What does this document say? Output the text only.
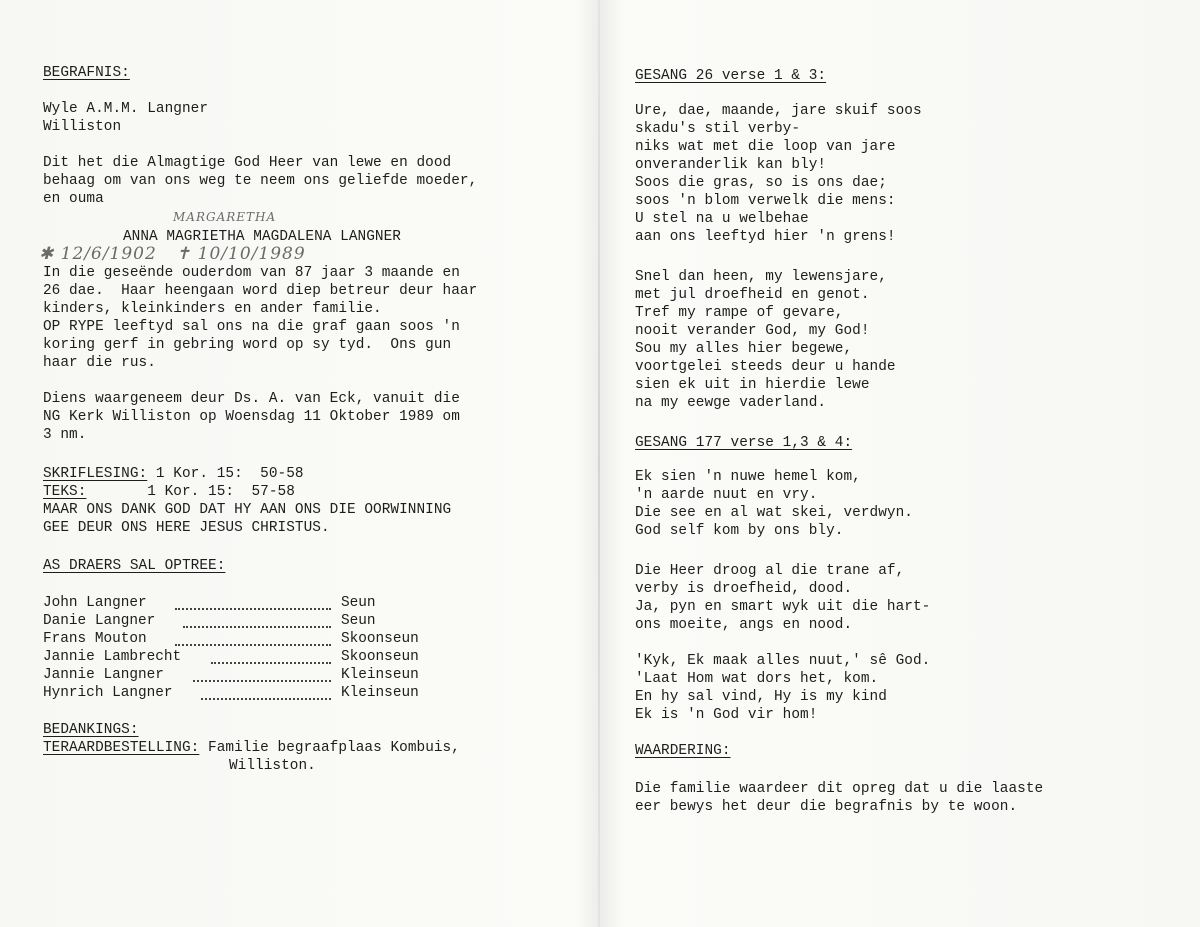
BEGRAFNIS:
Wyle A.M.M. Langner
Williston
Dit het die Almagtige God Heer van lewe en dood
behaag om van ons weg te neem ons geliefde moeder,
en ouma
MARGARETHA
ANNA MAGRIETHA MAGDALENA LANGNER
✱ 12/6/1902   ✝ 10/10/1989
In die geseënde ouderdom van 87 jaar 3 maande en
26 dae.  Haar heengaan word diep betreur deur haar
kinders, kleinkinders en ander familie.
OP RYPE leeftyd sal ons na die graf gaan soos 'n
koring gerf in gebring word op sy tyd.  Ons gun
haar die rus.
Diens waargeneem deur Ds. A. van Eck, vanuit die
NG Kerk Williston op Woensdag 11 Oktober 1989 om
3 nm.
SKRIFLESING: 1 Kor. 15:  50-58
TEKS:       1 Kor. 15:  57-58
MAAR ONS DANK GOD DAT HY AAN ONS DIE OORWINNING
GEE DEUR ONS HERE JESUS CHRISTUS.
AS DRAERS SAL OPTREE:
John Langner	Seun
Danie Langner	Seun
Frans Mouton	Skoonseun
Jannie Lambrecht	Skoonseun
Jannie Langner	Kleinseun
Hynrich Langner	Kleinseun
BEDANKINGS:
TERAARDBESTELLING: Familie begraafplaas Kombuis,
Williston.
GESANG 26 verse 1 & 3:
Ure, dae, maande, jare skuif soos
skadu's stil verby-
niks wat met die loop van jare
onveranderlik kan bly!
Soos die gras, so is ons dae;
soos 'n blom verwelk die mens:
U stel na u welbehae
aan ons leeftyd hier 'n grens!
Snel dan heen, my lewensjare,
met jul droefheid en genot.
Tref my rampe of gevare,
nooit verander God, my God!
Sou my alles hier begewe,
voortgelei steeds deur u hande
sien ek uit in hierdie lewe
na my eewge vaderland.
GESANG 177 verse 1,3 & 4:
Ek sien 'n nuwe hemel kom,
'n aarde nuut en vry.
Die see en al wat skei, verdwyn.
God self kom by ons bly.
Die Heer droog al die trane af,
verby is droefheid, dood.
Ja, pyn en smart wyk uit die hart-
ons moeite, angs en nood.
'Kyk, Ek maak alles nuut,' sê God.
'Laat Hom wat dors het, kom.
En hy sal vind, Hy is my kind
Ek is 'n God vir hom!
WAARDERING:
Die familie waardeer dit opreg dat u die laaste
eer bewys het deur die begrafnis by te woon.
